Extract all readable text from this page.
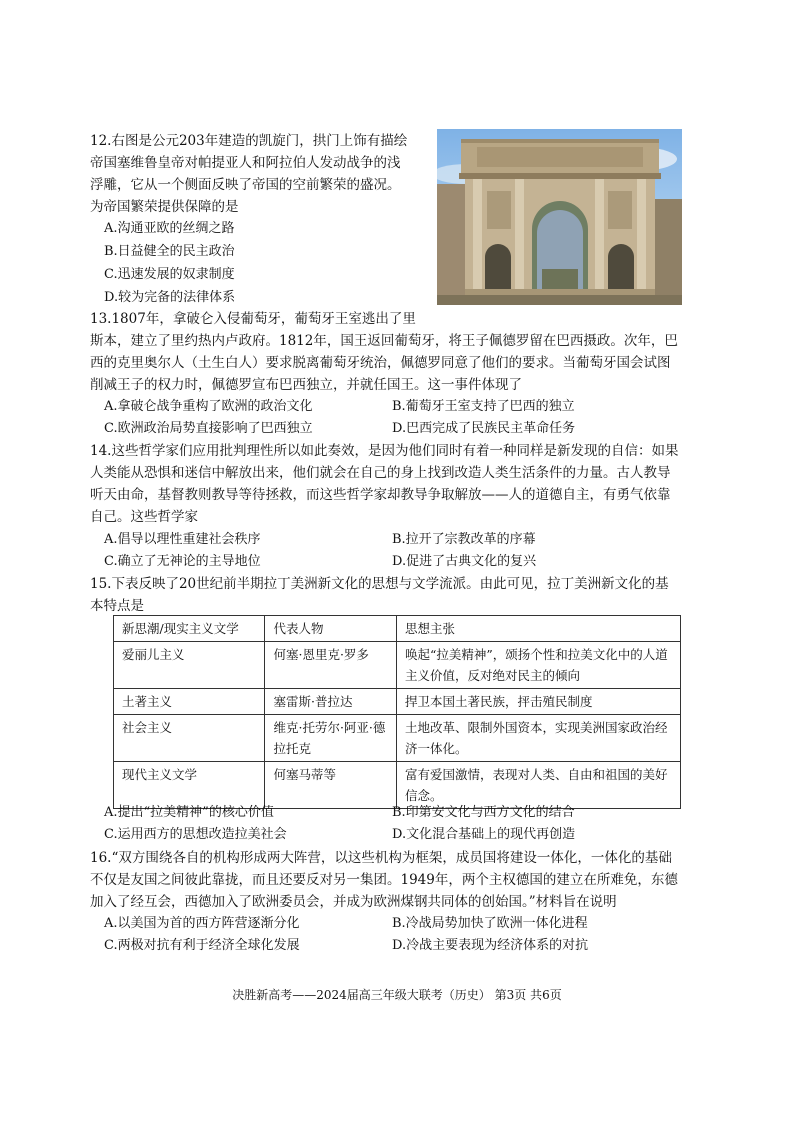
12.右图是公元203年建造的凯旋门，拱门上饰有描绘
帝国塞维鲁皇帝对帕提亚人和阿拉伯人发动战争的浅
浮雕，它从一个侧面反映了帝国的空前繁荣的盛况。
为帝国繁荣提供保障的是
A.沟通亚欧的丝绸之路
B.日益健全的民主政治
C.迅速发展的奴隶制度
D.较为完备的法律体系
13.1807年，拿破仑入侵葡萄牙，葡萄牙王室逃出了里
斯本，建立了里约热内卢政府。1812年，国王返回葡萄牙，将王子佩德罗留在巴西摄政。次年，巴
西的克里奥尔人（土生白人）要求脱离葡萄牙统治，佩德罗同意了他们的要求。当葡萄牙国会试图
削减王子的权力时，佩德罗宣布巴西独立，并就任国王。这一事件体现了
A.拿破仑战争重构了欧洲的政治文化	B.葡萄牙王室支持了巴西的独立
C.欧洲政治局势直接影响了巴西独立	D.巴西完成了民族民主革命任务
14.这些哲学家们应用批判理性所以如此奏效，是因为他们同时有着一种同样是新发现的自信：如果
人类能从恐惧和迷信中解放出来，他们就会在自己的身上找到改造人类生活条件的力量。古人教导
听天由命，基督教则教导等待拯救，而这些哲学家却教导争取解放——人的道德自主，有勇气依靠
自己。这些哲学家
A.倡导以理性重建社会秩序	B.拉开了宗教改革的序幕
C.确立了无神论的主导地位	D.促进了古典文化的复兴
15.下表反映了20世纪前半期拉丁美洲新文化的思想与文学流派。由此可见，拉丁美洲新文化的基
本特点是
新思潮/现实主义文学	代表人物	思想主张
爱丽儿主义	何塞·恩里克·罗多	唤起“拉美精神”，颂扬个性和拉美文化中的人道主义价值，反对绝对民主的倾向
土著主义	塞雷斯·普拉达	捍卫本国土著民族，抨击殖民制度
社会主义	维克·托劳尔·阿亚·德拉托克	土地改革、限制外国资本，实现美洲国家政治经济一体化。
现代主义文学	何塞马蒂等	富有爱国激情，表现对人类、自由和祖国的美好信念。
A.提出“拉美精神”的核心价值	B.印第安文化与西方文化的结合
C.运用西方的思想改造拉美社会	D.文化混合基础上的现代再创造
16.“双方围绕各自的机构形成两大阵营，以这些机构为框架，成员国将建设一体化，一体化的基础
不仅是友国之间彼此靠拢，而且还要反对另一集团。1949年，两个主权德国的建立在所难免，东德
加入了经互会，西德加入了欧洲委员会，并成为欧洲煤钢共同体的创始国。”材料旨在说明
A.以美国为首的西方阵营逐渐分化	B.冷战局势加快了欧洲一体化进程
C.两极对抗有利于经济全球化发展	D.冷战主要表现为经济体系的对抗
决胜新高考——2024届高三年级大联考（历史） 第3页 共6页
